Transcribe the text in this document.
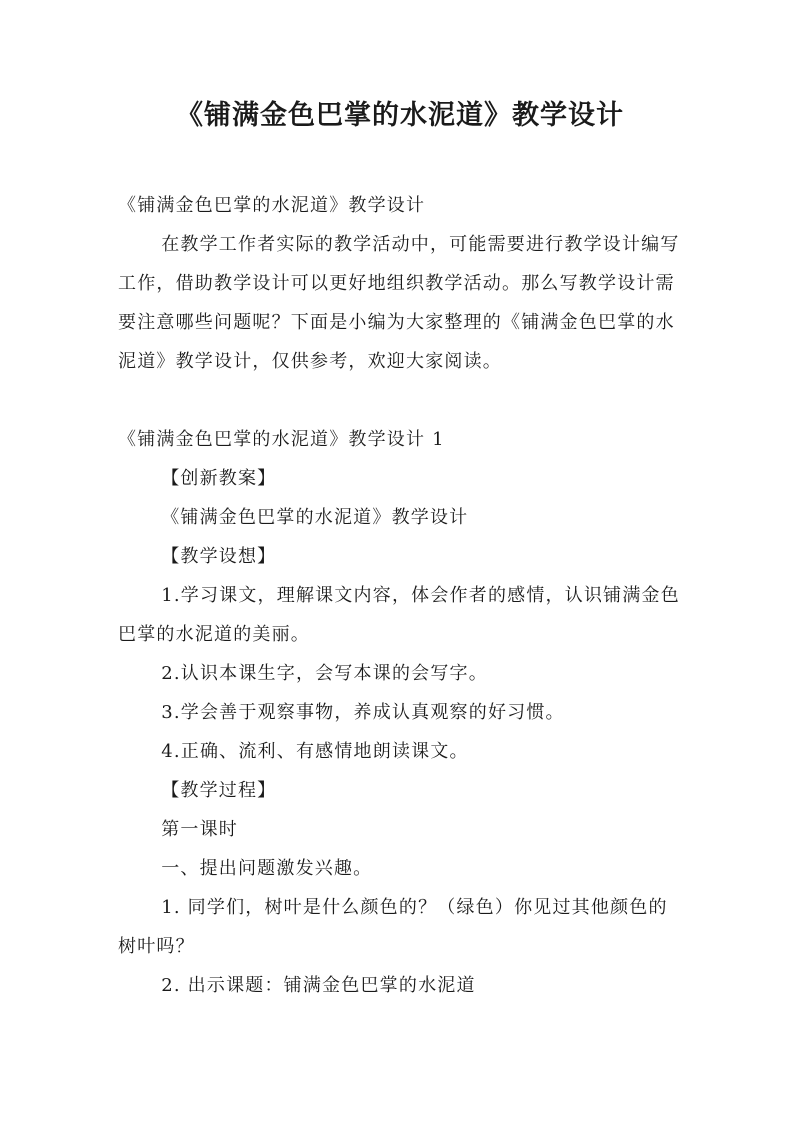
《铺满金色巴掌的水泥道》教学设计

《铺满金色巴掌的水泥道》教学设计

在教学工作者实际的教学活动中，可能需要进行教学设计编写工作，借助教学设计可以更好地组织教学活动。那么写教学设计需要注意哪些问题呢？下面是小编为大家整理的《铺满金色巴掌的水泥道》教学设计，仅供参考，欢迎大家阅读。

《铺满金色巴掌的水泥道》教学设计 1

【创新教案】

《铺满金色巴掌的水泥道》教学设计

【教学设想】

1.学习课文，理解课文内容，体会作者的感情，认识铺满金色巴掌的水泥道的美丽。

2.认识本课生字，会写本课的会写字。

3.学会善于观察事物，养成认真观察的好习惯。

4.正确、流利、有感情地朗读课文。

【教学过程】

第一课时

一、提出问题激发兴趣。

1. 同学们，树叶是什么颜色的？（绿色）你见过其他颜色的树叶吗？

2. 出示课题：铺满金色巴掌的水泥道
